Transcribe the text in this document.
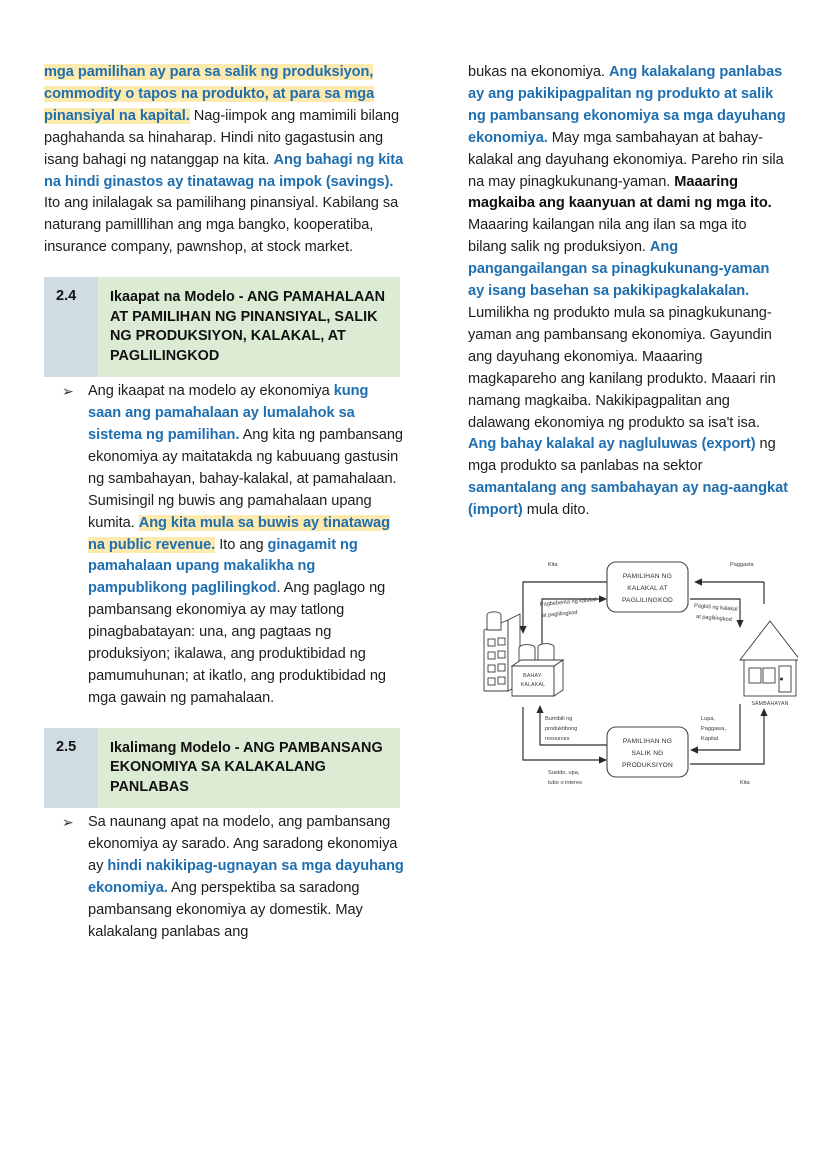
mga pamilihan ay para sa salik ng produksiyon, commodity o tapos na produkto, at para sa mga pinansiyal na kapital. Nag-iimpok ang mamimili bilang paghahanda sa hinaharap. Hindi nito gagastusin ang isang bahagi ng natanggap na kita. Ang bahagi ng kita na hindi ginastos ay tinatawag na impok (savings). Ito ang inilalagak sa pamilihang pinansiyal. Kabilang sa naturang pamilllihan ang mga bangko, kooperatiba, insurance company, pawnshop, at stock market.

2.4	Ikaapat na Modelo - ANG PAMAHALAAN AT PAMILIHAN NG PINANSIYAL, SALIK NG PRODUKSIYON, KALAKAL, AT PAGLILINGKOD
➢ Ang ikaapat na modelo ay ekonomiya kung saan ang pamahalaan ay lumalahok sa sistema ng pamilihan. Ang kita ng pambansang ekonomiya ay maitatakda ng kabuuang gastusin ng sambahayan, bahay-kalakal, at pamahalaan. Sumisingil ng buwis ang pamahalaan upang kumita. Ang kita mula sa buwis ay tinatawag na public revenue. Ito ang ginagamit ng pamahalaan upang makalikha ng pampublikong paglilingkod. Ang paglago ng pambansang ekonomiya ay may tatlong pinagbabatayan: una, ang pagtaas ng produksiyon; ikalawa, ang produktibidad ng pamumuhunan; at ikatlo, ang produktibidad ng mga gawain ng pamahalaan.

2.5	Ikalimang Modelo - ANG PAMBANSANG EKONOMIYA SA KALAKALANG PANLABAS
➢ Sa naunang apat na modelo, ang pambansang ekonomiya ay sarado. Ang saradong ekonomiya ay hindi nakikipag-ugnayan sa mga dayuhang ekonomiya. Ang perspektiba sa saradong pambansang ekonomiya ay domestik. May kalakalang panlabas ang

bukas na ekonomiya. Ang kalakalang panlabas ay ang pakikipagpalitan ng produkto at salik ng pambansang ekonomiya sa mga dayuhang ekonomiya. May mga sambahayan at bahay-kalakal ang dayuhang ekonomiya. Pareho rin sila na may pinagkukunang-yaman. Maaaring magkaiba ang kaanyuan at dami ng mga ito. Maaaring kailangan nila ang ilan sa mga ito bilang salik ng produksiyon. Ang pangangailangan sa pinagkukunang-yaman ay isang basehan sa pakikipagkalakalan. Lumilikha ng produkto mula sa pinagkukunang-yaman ang pambansang ekonomiya. Gayundin ang dayuhang ekonomiya. Maaaring magkapareho ang kanilang produkto. Maaari rin namang magkaiba. Nakikipagpalitan ang dalawang ekonomiya ng produkto sa isa't isa. Ang bahay kalakal ay nagluluwas (export) ng mga produkto sa panlabas na sektor samantalang ang sambahayan ay nag-aangkat (import) mula dito.

Kita
Pagbebenta ng kalakal
at paglilingkod
PAMILIHAN NG
KALAKAL AT
PAGLILINGKOD
Paggasta
Pagbili ng kalakal
at paglilingkod
BAHAY-
KALAKAL
SAMBAHAYAN
Bumibili ng
produktibong
resources
Sueldo, upa,
tubo o interes
PAMILIHAN NG
SALIK NG
PRODUKSIYON
Lupa,
Paggawa,
Kapital
Kita
